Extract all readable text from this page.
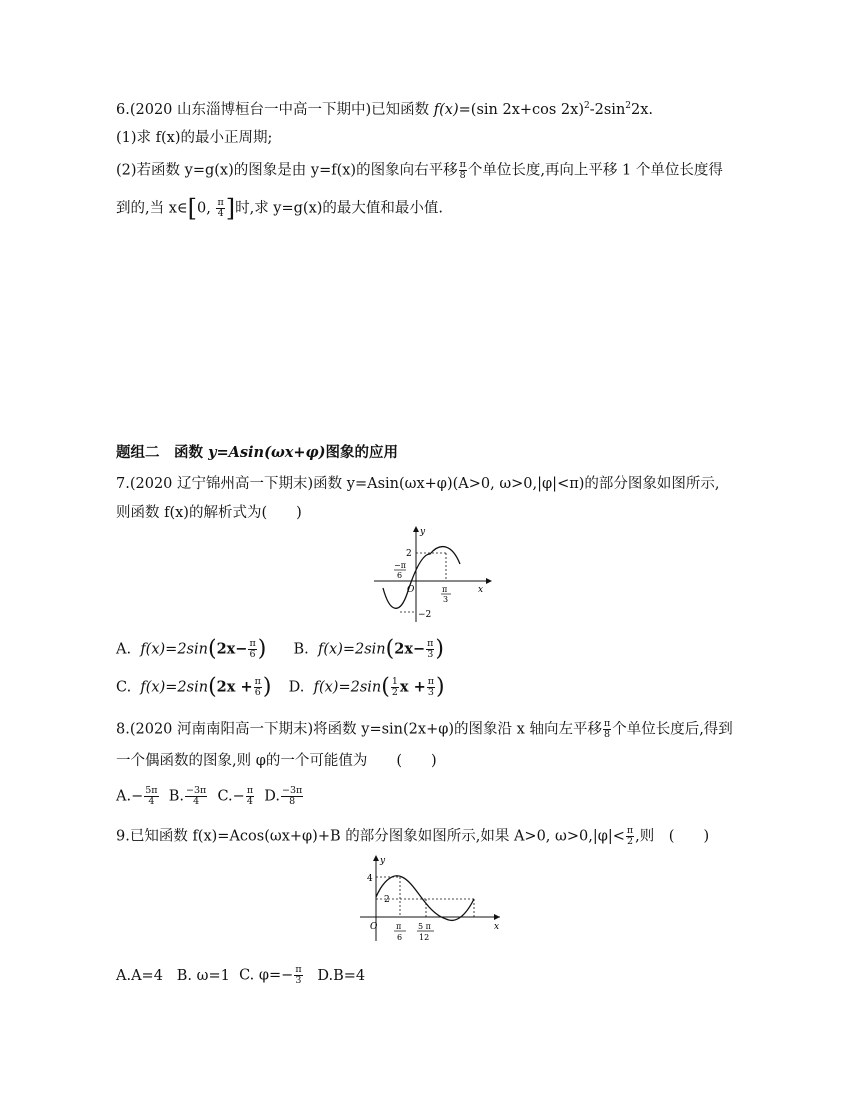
6.(2020 山东淄博桓台一中高一下期中)已知函数 f(x)=(sin 2x+cos $2x)^2-2\sin^22x$.
(1)求 f(x)的最小正周期;
(2)若函数 y=g(x)的图象是由 y=f(x)的图象向右平移 $\frac{\pi}{8}$ 个单位长度,再向上平移 1 个单位长度得
到的,当 x∈[0, $\frac{\pi}{4}$ ]时,求 y=g(x)的最大值和最小值.
题组二　函数 y=Asin(ωx+φ)图象的应用
7.(2020 辽宁锦州高一下期末)函数 y=Asin(ωx+φ)(A>0, ω>0,|φ|<π)的部分图象如图所示,
则函数 f(x)的解析式为(　　)
y
x
O
2
−2
−π
6
π
3
A. $f(x)=2\sin(2x- \frac{\pi}{6}$ ) B. $f(x)=2\sin(2x- \frac{\pi}{3}$ )
C. $f(x)=2\sin(2x + \frac{\pi}{6}$ ) D. $f(x)=2\sin( \frac{1}{2}$ $x + \frac{\pi}{3}$ )
8.(2020 河南南阳高一下期末)将函数 y=sin(2x+φ)的图象沿 x 轴向左平移 $\frac{\pi}{8}$ 个单位长度后,得到
一个偶函数的图象,则 φ的一个可能值为　　(　　)
$A.- \frac{5\pi}{4} B$. $\frac{-3\pi}{4} C.- \frac{\pi}{4} D$. $\frac{-3\pi}{8}$
9.已知函数 f(x)=Acos(ωx+φ)+B 的部分图象如图所示,如果 A>0, $\omega>0,|\varphi|< \frac{\pi}{2}$ ,则　(　　)
y
x
O
4
2
π
6
5 π
12
A.A=4 B. ω=1 C. $\varphi=- \frac{\pi}{3} D.B=4$
